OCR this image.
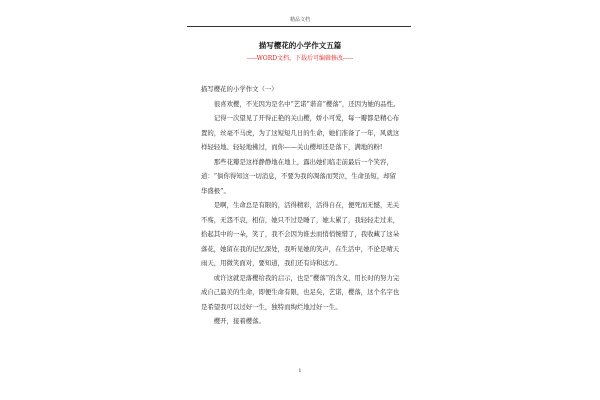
精品文档
描写樱花的小学作文五篇
-----WORD文档，下载后可编辑修改-----

描写樱花的小学作文（一）

很喜欢樱，不光因为是名中“艺诺”谐音“樱落”，还因为她的品性。

记得一次望见了开得正艳的关山樱，娇小可爱，每一瓣都是精心布置的，丝毫不马虎，为了这短短几日的生命，她们准备了一年，风就这样轻轻地、轻轻地拂过，而你——关山樱却还是落下，满地的粉!

那些花瓣是这样静静地在地上，露出她们临走前最后一个笑容，道：“倘你得知这一切消息，不要为我的凋落而哭泣，生命虽短，却留华盛极”。

是啊，生命总是有限的，活得精彩，活得自在，便死而无憾，无关不殇，无怨不哀，相信，她只不过是睡了，她太累了，我轻轻走过来，拾起其中的一朵，笑了，我不会因为谁去而悄悄惋惜了，我收藏了这朵落花，她留在我的记忆深处，我听见她的笑声，在生活中，不论是晴天雨天，用微笑面对，要知道，我们还有诗和远方。

或许这就是落樱给我的启示，也是“樱落”的含义，用长时的努力完成自己最美的生命，即便生命有限，也足矣，艺诺，樱落，这个名字也是希望我可以过好一生，独特而绚烂地过好一生。

樱开，接着樱落。

1
